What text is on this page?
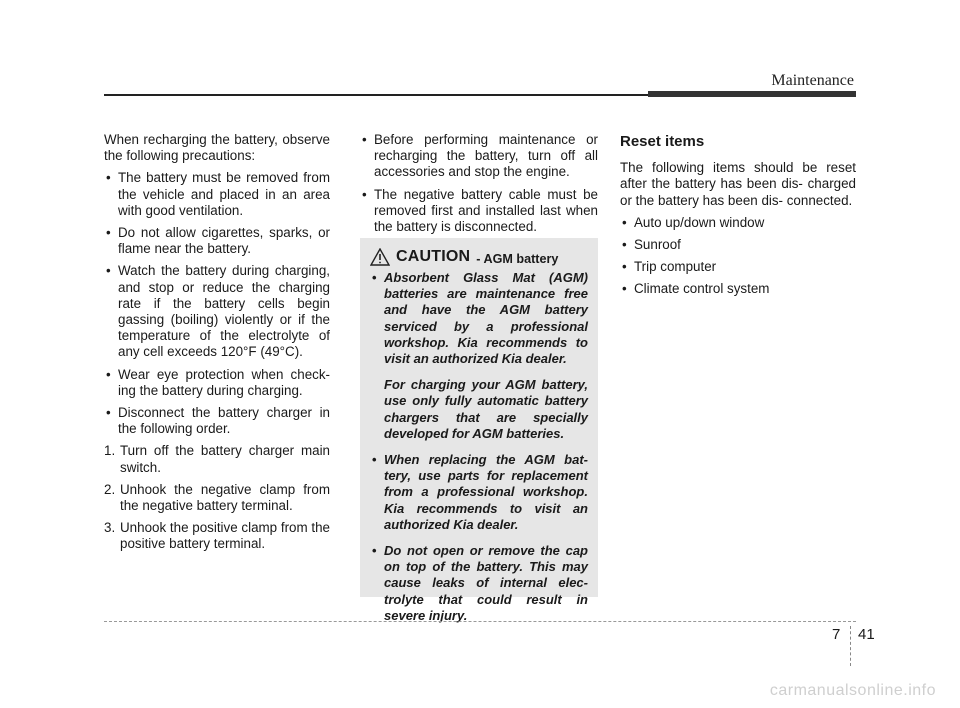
Maintenance

When recharging the battery, observe the following precautions:

• The battery must be removed from the vehicle and placed in an area with good ventilation.
• Do not allow cigarettes, sparks, or flame near the battery.
• Watch the battery during charging, and stop or reduce the charging rate if the battery cells begin gassing (boiling) violently or if the temperature of the electrolyte of any cell exceeds 120°F (49°C).
• Wear eye protection when check- ing the battery during charging.
• Disconnect the battery charger in the following order.
1. Turn off the battery charger main switch.
2. Unhook the negative clamp from the negative battery terminal.
3. Unhook the positive clamp from the positive battery terminal.
• Before performing maintenance or recharging the battery, turn off all accessories and stop the engine.
• The negative battery cable must be removed first and installed last when the battery is disconnected.
CAUTION - AGM battery
• Absorbent Glass Mat (AGM) batteries are maintenance free and have the AGM battery serviced by a professional workshop. Kia recommends to visit an authorized Kia dealer.
For charging your AGM battery, use only fully automatic battery chargers that are specially developed for AGM batteries.
• When replacing the AGM bat- tery, use parts for replacement from a professional workshop. Kia recommends to visit an authorized Kia dealer.
• Do not open or remove the cap on top of the battery. This may cause leaks of internal elec- trolyte that could result in severe injury.
Reset items

The following items should be reset after the battery has been dis- charged or the battery has been dis- connected.

• Auto up/down window
• Sunroof
• Trip computer
• Climate control system
7 41
carmanualsonline.info
